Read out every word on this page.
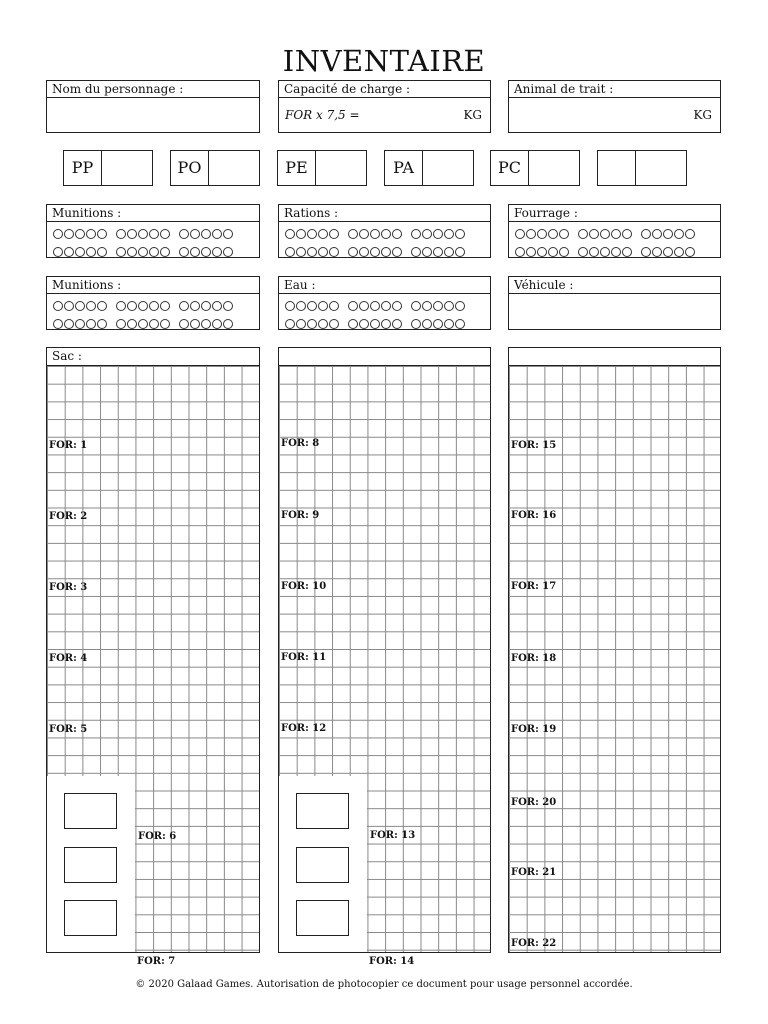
INVENTAIRE
Nom du personnage :	Capacité de charge :
FOR x 7,5 =	KG
Animal de trait :
KG
PP	PO	PE	PA	PC
Munitions :	Rations :	Fourrage :
Munitions :	Eau :	Véhicule :
Sac :
FOR: 1
FOR: 2
FOR: 3
FOR: 4
FOR: 5
FOR: 6
FOR: 7
FOR: 8
FOR: 9
FOR: 10
FOR: 11
FOR: 12
FOR: 13
FOR: 14
FOR: 15
FOR: 16
FOR: 17
FOR: 18
FOR: 19
FOR: 20
FOR: 21
FOR: 22
© 2020 Galaad Games. Autorisation de photocopier ce document pour usage personnel accordée.
